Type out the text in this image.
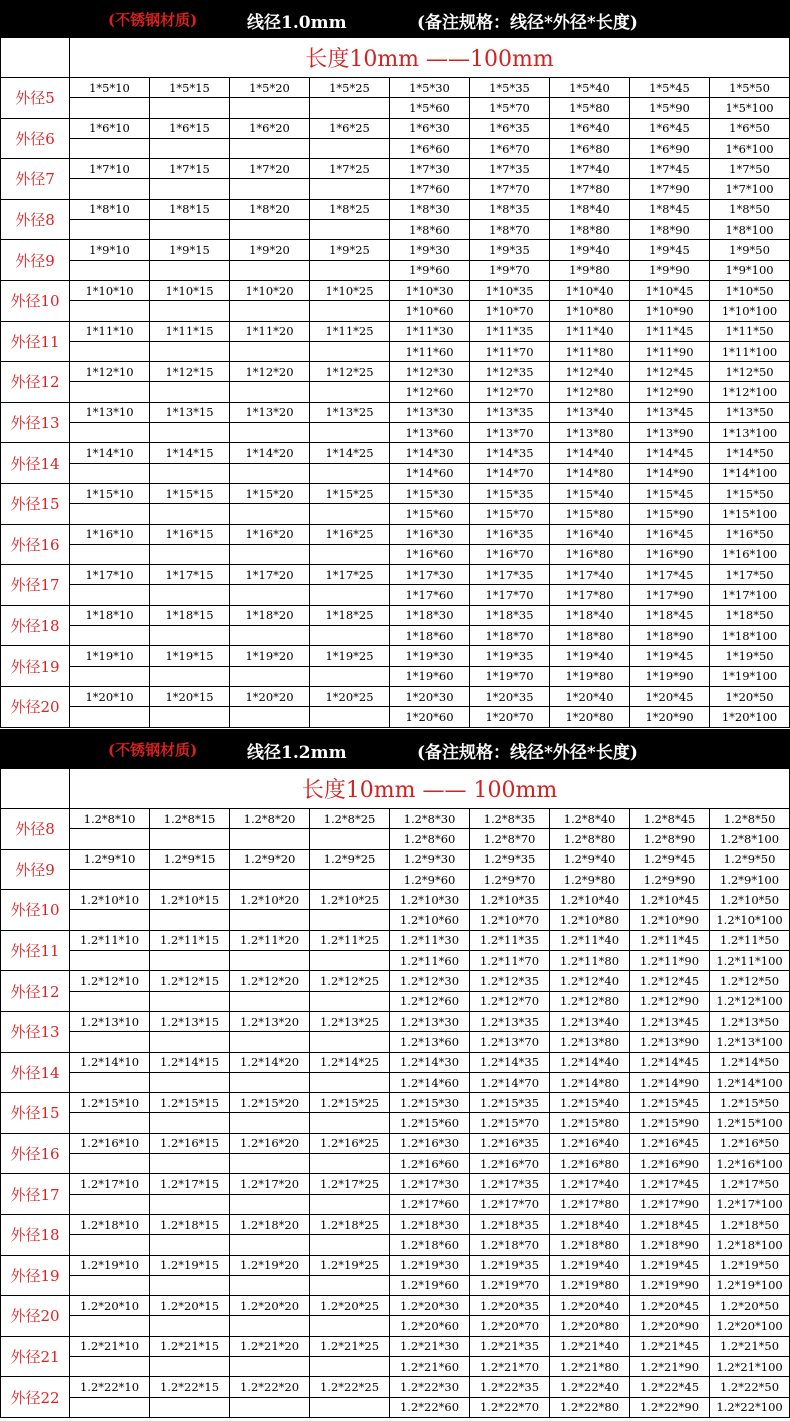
(不锈钢材质)	线径1.0mm	(备注规格：线径*外径*长度)
	长度10mm ——100mm								
外径5	1*5*10	1*5*15	1*5*20	1*5*25	1*5*30	1*5*35	1*5*40	1*5*45	1*5*50
					1*5*60	1*5*70	1*5*80	1*5*90	1*5*100
外径6	1*6*10	1*6*15	1*6*20	1*6*25	1*6*30	1*6*35	1*6*40	1*6*45	1*6*50
					1*6*60	1*6*70	1*6*80	1*6*90	1*6*100
外径7	1*7*10	1*7*15	1*7*20	1*7*25	1*7*30	1*7*35	1*7*40	1*7*45	1*7*50
					1*7*60	1*7*70	1*7*80	1*7*90	1*7*100
外径8	1*8*10	1*8*15	1*8*20	1*8*25	1*8*30	1*8*35	1*8*40	1*8*45	1*8*50
					1*8*60	1*8*70	1*8*80	1*8*90	1*8*100
外径9	1*9*10	1*9*15	1*9*20	1*9*25	1*9*30	1*9*35	1*9*40	1*9*45	1*9*50
					1*9*60	1*9*70	1*9*80	1*9*90	1*9*100
外径10	1*10*10	1*10*15	1*10*20	1*10*25	1*10*30	1*10*35	1*10*40	1*10*45	1*10*50
					1*10*60	1*10*70	1*10*80	1*10*90	1*10*100
外径11	1*11*10	1*11*15	1*11*20	1*11*25	1*11*30	1*11*35	1*11*40	1*11*45	1*11*50
					1*11*60	1*11*70	1*11*80	1*11*90	1*11*100
外径12	1*12*10	1*12*15	1*12*20	1*12*25	1*12*30	1*12*35	1*12*40	1*12*45	1*12*50
					1*12*60	1*12*70	1*12*80	1*12*90	1*12*100
外径13	1*13*10	1*13*15	1*13*20	1*13*25	1*13*30	1*13*35	1*13*40	1*13*45	1*13*50
					1*13*60	1*13*70	1*13*80	1*13*90	1*13*100
外径14	1*14*10	1*14*15	1*14*20	1*14*25	1*14*30	1*14*35	1*14*40	1*14*45	1*14*50
					1*14*60	1*14*70	1*14*80	1*14*90	1*14*100
外径15	1*15*10	1*15*15	1*15*20	1*15*25	1*15*30	1*15*35	1*15*40	1*15*45	1*15*50
					1*15*60	1*15*70	1*15*80	1*15*90	1*15*100
外径16	1*16*10	1*16*15	1*16*20	1*16*25	1*16*30	1*16*35	1*16*40	1*16*45	1*16*50
					1*16*60	1*16*70	1*16*80	1*16*90	1*16*100
外径17	1*17*10	1*17*15	1*17*20	1*17*25	1*17*30	1*17*35	1*17*40	1*17*45	1*17*50
					1*17*60	1*17*70	1*17*80	1*17*90	1*17*100
外径18	1*18*10	1*18*15	1*18*20	1*18*25	1*18*30	1*18*35	1*18*40	1*18*45	1*18*50
					1*18*60	1*18*70	1*18*80	1*18*90	1*18*100
外径19	1*19*10	1*19*15	1*19*20	1*19*25	1*19*30	1*19*35	1*19*40	1*19*45	1*19*50
					1*19*60	1*19*70	1*19*80	1*19*90	1*19*100
外径20	1*20*10	1*20*15	1*20*20	1*20*25	1*20*30	1*20*35	1*20*40	1*20*45	1*20*50
					1*20*60	1*20*70	1*20*80	1*20*90	1*20*100
(不锈钢材质)	线径1.2mm	(备注规格：线径*外径*长度)
	长度10mm —— 100mm								
外径8	1.2*8*10	1.2*8*15	1.2*8*20	1.2*8*25	1.2*8*30	1.2*8*35	1.2*8*40	1.2*8*45	1.2*8*50
					1.2*8*60	1.2*8*70	1.2*8*80	1.2*8*90	1.2*8*100
外径9	1.2*9*10	1.2*9*15	1.2*9*20	1.2*9*25	1.2*9*30	1.2*9*35	1.2*9*40	1.2*9*45	1.2*9*50
					1.2*9*60	1.2*9*70	1.2*9*80	1.2*9*90	1.2*9*100
外径10	1.2*10*10	1.2*10*15	1.2*10*20	1.2*10*25	1.2*10*30	1.2*10*35	1.2*10*40	1.2*10*45	1.2*10*50
					1.2*10*60	1.2*10*70	1.2*10*80	1.2*10*90	1.2*10*100
外径11	1.2*11*10	1.2*11*15	1.2*11*20	1.2*11*25	1.2*11*30	1.2*11*35	1.2*11*40	1.2*11*45	1.2*11*50
					1.2*11*60	1.2*11*70	1.2*11*80	1.2*11*90	1.2*11*100
外径12	1.2*12*10	1.2*12*15	1.2*12*20	1.2*12*25	1.2*12*30	1.2*12*35	1.2*12*40	1.2*12*45	1.2*12*50
					1.2*12*60	1.2*12*70	1.2*12*80	1.2*12*90	1.2*12*100
外径13	1.2*13*10	1.2*13*15	1.2*13*20	1.2*13*25	1.2*13*30	1.2*13*35	1.2*13*40	1.2*13*45	1.2*13*50
					1.2*13*60	1.2*13*70	1.2*13*80	1.2*13*90	1.2*13*100
外径14	1.2*14*10	1.2*14*15	1.2*14*20	1.2*14*25	1.2*14*30	1.2*14*35	1.2*14*40	1.2*14*45	1.2*14*50
					1.2*14*60	1.2*14*70	1.2*14*80	1.2*14*90	1.2*14*100
外径15	1.2*15*10	1.2*15*15	1.2*15*20	1.2*15*25	1.2*15*30	1.2*15*35	1.2*15*40	1.2*15*45	1.2*15*50
					1.2*15*60	1.2*15*70	1.2*15*80	1.2*15*90	1.2*15*100
外径16	1.2*16*10	1.2*16*15	1.2*16*20	1.2*16*25	1.2*16*30	1.2*16*35	1.2*16*40	1.2*16*45	1.2*16*50
					1.2*16*60	1.2*16*70	1.2*16*80	1.2*16*90	1.2*16*100
外径17	1.2*17*10	1.2*17*15	1.2*17*20	1.2*17*25	1.2*17*30	1.2*17*35	1.2*17*40	1.2*17*45	1.2*17*50
					1.2*17*60	1.2*17*70	1.2*17*80	1.2*17*90	1.2*17*100
外径18	1.2*18*10	1.2*18*15	1.2*18*20	1.2*18*25	1.2*18*30	1.2*18*35	1.2*18*40	1.2*18*45	1.2*18*50
					1.2*18*60	1.2*18*70	1.2*18*80	1.2*18*90	1.2*18*100
外径19	1.2*19*10	1.2*19*15	1.2*19*20	1.2*19*25	1.2*19*30	1.2*19*35	1.2*19*40	1.2*19*45	1.2*19*50
					1.2*19*60	1.2*19*70	1.2*19*80	1.2*19*90	1.2*19*100
外径20	1.2*20*10	1.2*20*15	1.2*20*20	1.2*20*25	1.2*20*30	1.2*20*35	1.2*20*40	1.2*20*45	1.2*20*50
					1.2*20*60	1.2*20*70	1.2*20*80	1.2*20*90	1.2*20*100
外径21	1.2*21*10	1.2*21*15	1.2*21*20	1.2*21*25	1.2*21*30	1.2*21*35	1.2*21*40	1.2*21*45	1.2*21*50
					1.2*21*60	1.2*21*70	1.2*21*80	1.2*21*90	1.2*21*100
外径22	1.2*22*10	1.2*22*15	1.2*22*20	1.2*22*25	1.2*22*30	1.2*22*35	1.2*22*40	1.2*22*45	1.2*22*50
					1.2*22*60	1.2*22*70	1.2*22*80	1.2*22*90	1.2*22*100
